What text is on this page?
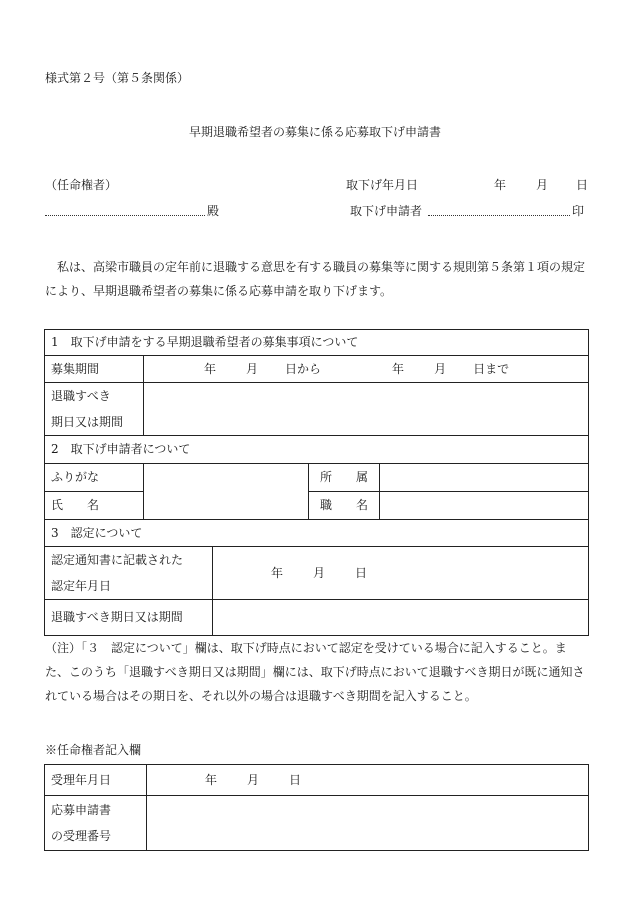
様式第２号（第５条関係）
早期退職希望者の募集に係る応募取下げ申請書
（任命権者）	取下げ年月日	年 月 日
殿	取下げ申請者	印
私は、高梁市職員の定年前に退職する意思を有する職員の募集等に関する規則第５条第１項の規定により、早期退職希望者の募集に係る応募申請を取り下げます。
1　取下げ申請をする早期退職希望者の募集事項について				
募集期間	年 月 日から 年 月 日まで			
退職すべき
期日又は期間				
2　取下げ申請者について				
ふりがな			所　　属	
氏　　名			職　　名	
3　認定について				
認定通知書に記載された
認定年月日		年 月 日		
退職すべき期日又は期間				
（注）「３　認定について」欄は、取下げ時点において認定を受けている場合に記入すること。また、このうち「退職すべき期日又は期間」欄には、取下げ時点において退職すべき期日が既に通知されている場合はその期日を、それ以外の場合は退職すべき期間を記入すること。
※任命権者記入欄
受理年月日	年 月 日
応募申請書
の受理番号	
